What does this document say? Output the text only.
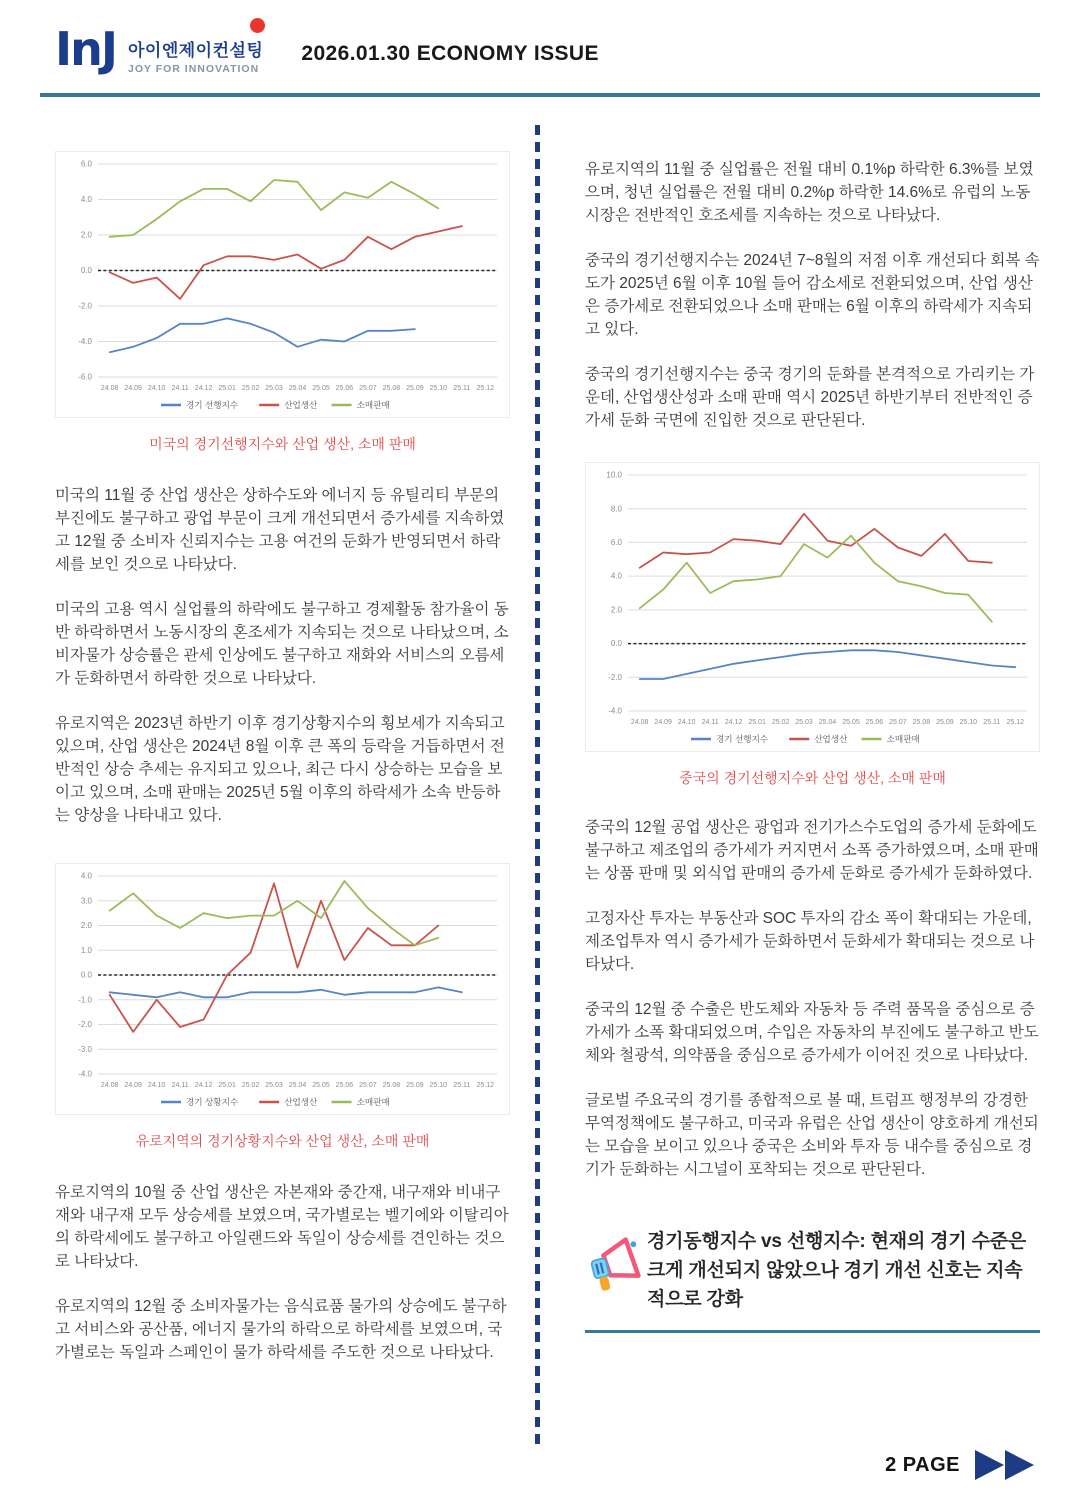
InJ 아이엔제이컨설팅
JOY FOR INNOVATION
2026.01.30 ECONOMY ISSUE
-6.0
-4.0
-2.0
0.0
2.0
4.0
6.0
24.08 24.09 24.10 24.11 24.12 25.01 25.02 25.03 25.04 25.05 25.06 25.07 25.08 25.09 25.10 25.11 25.12
경기 선행지수	산업생산	소매판매
미국의 경기선행지수와 산업 생산, 소매 판매

미국의 11월 중 산업 생산은 상하수도와 에너지 등 유틸리티 부문의 부진에도 불구하고 광업 부문이 크게 개선되면서 증가세를 지속하였고 12월 중 소비자 신뢰지수는 고용 여건의 둔화가 반영되면서 하락세를 보인 것으로 나타났다.

미국의 고용 역시 실업률의 하락에도 불구하고 경제활동 참가율이 동반 하락하면서 노동시장의 혼조세가 지속되는 것으로 나타났으며, 소비자물가 상승률은 관세 인상에도 불구하고 재화와 서비스의 오름세가 둔화하면서 하락한 것으로 나타났다.

유로지역은 2023년 하반기 이후 경기상황지수의 횡보세가 지속되고 있으며, 산업 생산은 2024년 8월 이후 큰 폭의 등락을 거듭하면서 전반적인 상승 추세는 유지되고 있으나, 최근 다시 상승하는 모습을 보이고 있으며, 소매 판매는 2025년 5월 이후의 하락세가 소속 반등하는 양상을 나타내고 있다.

-4.0
-3.0
-2.0
-1.0
0.0
1.0
2.0
3.0
4.0
24.08 24.09 24.10 24.11 24.12 25.01 25.02 25.03 25.04 25.05 25.06 25.07 25.08 25.09 25.10 25.11 25.12
경기 상황지수	산업생산	소매판매
유로지역의 경기상황지수와 산업 생산, 소매 판매

유로지역의 10월 중 산업 생산은 자본재와 중간재, 내구재와 비내구재와 내구재 모두 상승세를 보였으며, 국가별로는 벨기에와 이탈리아의 하락세에도 불구하고 아일랜드와 독일이 상승세를 견인하는 것으로 나타났다.

유로지역의 12월 중 소비자물가는 음식료품 물가의 상승에도 불구하고 서비스와 공산품, 에너지 물가의 하락으로 하락세를 보였으며, 국가별로는 독일과 스페인이 물가 하락세를 주도한 것으로 나타났다.

유로지역의 11월 중 실업률은 전월 대비 0.1%p 하락한 6.3%를 보였으며, 청년 실업률은 전월 대비 0.2%p 하락한 14.6%로 유럽의 노동시장은 전반적인 호조세를 지속하는 것으로 나타났다.

중국의 경기선행지수는 2024년 7~8월의 저점 이후 개선되다 회복 속도가 2025년 6월 이후 10월 들어 감소세로 전환되었으며, 산업 생산은 증가세로 전환되었으나 소매 판매는 6월 이후의 하락세가 지속되고 있다.

중국의 경기선행지수는 중국 경기의 둔화를 본격적으로 가리키는 가운데, 산업생산성과 소매 판매 역시 2025년 하반기부터 전반적인 증가세 둔화 국면에 진입한 것으로 판단된다.

-4.0
-2.0
0.0
2.0
4.0
6.0
8.0
10.0
24.08 24.09 24.10 24.11 24.12 25.01 25.02 25.03 25.04 25.05 25.06 25.07 25.08 25.09 25.10 25.11 25.12
경기 선행지수	산업생산	소매판매
중국의 경기선행지수와 산업 생산, 소매 판매

중국의 12월 공업 생산은 광업과 전기가스수도업의 증가세 둔화에도 불구하고 제조업의 증가세가 커지면서 소폭 증가하였으며, 소매 판매는 상품 판매 및 외식업 판매의 증가세 둔화로 증가세가 둔화하였다.

고정자산 투자는 부동산과 SOC 투자의 감소 폭이 확대되는 가운데, 제조업투자 역시 증가세가 둔화하면서 둔화세가 확대되는 것으로 나타났다.

중국의 12월 중 수출은 반도체와 자동차 등 주력 품목을 중심으로 증가세가 소폭 확대되었으며, 수입은 자동차의 부진에도 불구하고 반도체와 철광석, 의약품을 중심으로 증가세가 이어진 것으로 나타났다.

글로벌 주요국의 경기를 종합적으로 볼 때, 트럼프 행정부의 강경한 무역정책에도 불구하고, 미국과 유럽은 산업 생산이 양호하게 개선되는 모습을 보이고 있으나 중국은 소비와 투자 등 내수를 중심으로 경기가 둔화하는 시그널이 포착되는 것으로 판단된다.

경기동행지수 vs 선행지수: 현재의 경기 수준은 크게 개선되지 않았으나 경기 개선 신호는 지속적으로 강화
2 PAGE
